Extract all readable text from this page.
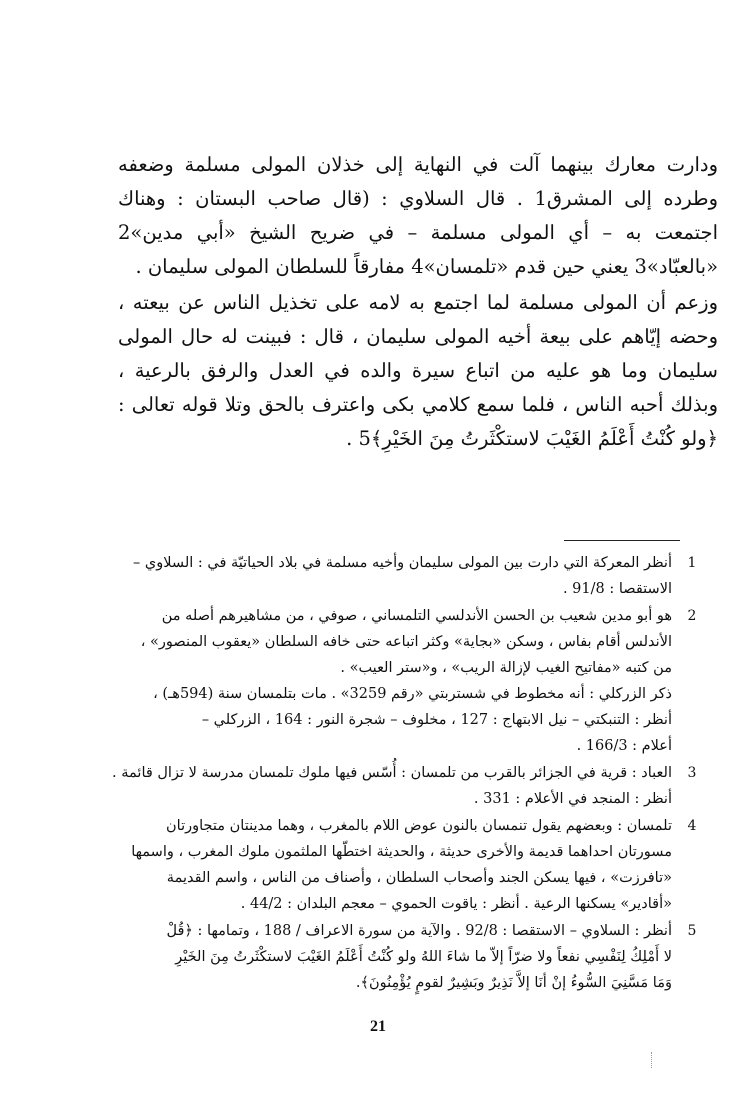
ودارت معارك بينهما آلت في النهاية إلى خذلان المولى مسلمة وضعفه وطرده إلى المشرق1 . قال السلاوي : (قال صاحب البستان : وهناك اجتمعت به – أي المولى مسلمة – في ضريح الشيخ «أبي مدين»2 «بالعبّاد»3 يعني حين قدم «تلمسان»4 مفارقاً للسلطان المولى سليمان .

وزعم أن المولى مسلمة لما اجتمع به لامه على تخذيل الناس عن بيعته ، وحضه إيّاهم على بيعة أخيه المولى سليمان ، قال : فبينت له حال المولى سليمان وما هو عليه من اتباع سيرة والده في العدل والرفق بالرعية ، وبذلك أحبه الناس ، فلما سمع كلامي بكى واعترف بالحق وتلا قوله تعالى : ﴿ولو كُنْتُ أَعْلَمُ الغَيْبَ لاستكْثَرتُ مِنَ الخَيْرِ﴾5 .

1
أنظر المعركة التي دارت بين المولى سليمان وأخيه مسلمة في بلاد الحياتيّة في : السلاوي –
الاستقصا : 91/8 .
2
هو أبو مدين شعيب بن الحسن الأندلسي التلمساني ، صوفي ، من مشاهيرهم أصله من
الأندلس أقام بفاس ، وسكن «بجاية» وكثر اتباعه حتى خافه السلطان «يعقوب المنصور» ،
من كتبه «مفاتيح الغيب لإزالة الريب» ، و«ستر العيب» .
ذكر الزركلي : أنه مخطوط في شستربتي «رقم 3259» . مات بتلمسان سنة (594هـ) ،
أنظر : التنبكتي – نيل الابتهاج : 127 ، مخلوف – شجرة النور : 164 ، الزركلي –
أعلام : 166/3 .
3
العباد : قرية في الجزائر بالقرب من تلمسان : أُسّس فيها ملوك تلمسان مدرسة لا تزال قائمة .
أنظر : المنجد في الأعلام : 331 .
4
تلمسان : وبعضهم يقول تنمسان بالنون عوض اللام بالمغرب ، وهما مدينتان متجاورتان
مسورتان احداهما قديمة والأخرى حديثة ، والحديثة اختطّها الملثمون ملوك المغرب ، واسمها
«تافرزت» ، فيها يسكن الجند وأصحاب السلطان ، وأصناف من الناس ، واسم القديمة
«أقادير» يسكنها الرعية . أنظر : ياقوت الحموي – معجم البلدان : 44/2 .
5
أنظر : السلاوي – الاستقصا : 92/8 . والآية من سورة الاعراف / 188 ، وتمامها : ﴿قُلْ
لا أَمْلِكُ لِنَفْسِي نفعاً ولا ضرّاً إلاّ ما شاءَ اللهُ ولو كُنْتُ أَعْلَمُ الغَيْبَ لاستكْثَرتُ مِنَ الخَيْرِ
وَمَا مَسَّنِيَ السُّوءُ إنْ أنَا إلاَّ نَذِيرٌ وبَشِيرٌ لقومٍ يُؤْمِنُونَ﴾.
21
